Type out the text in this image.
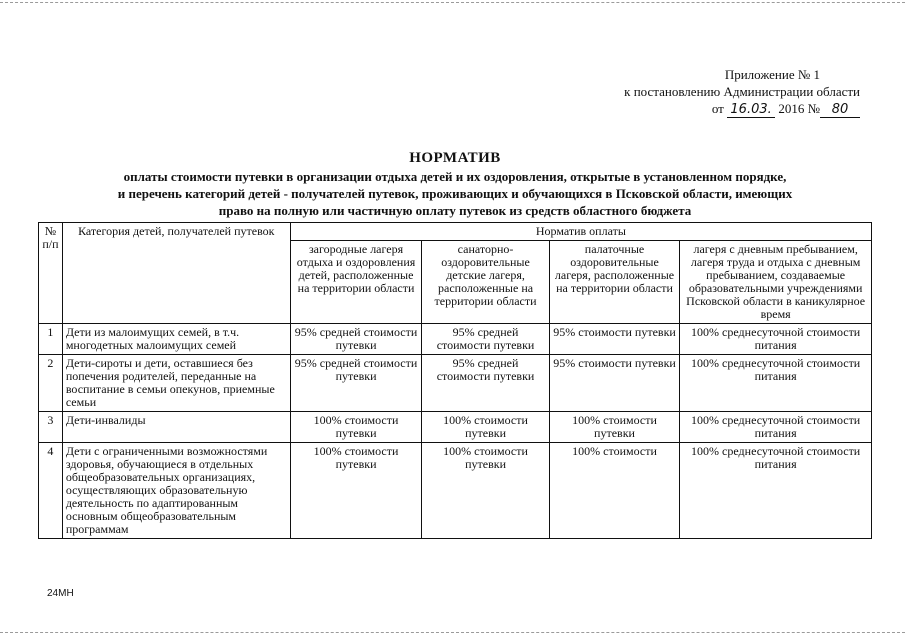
Приложение № 1
к постановлению Администрации области
от 16.03. 2016 № 80
НОРМАТИВ
оплаты стоимости путевки в организации отдыха детей и их оздоровления, открытые в установленном порядке,
и перечень категорий детей - получателей путевок, проживающих и обучающихся в Псковской области, имеющих
право на полную или частичную оплату путевок из средств областного бюджета
№ п/п	Категория детей, получателей путевок	Норматив оплаты			
		загородные лагеря отдыха и оздоровления детей, расположенные на территории области	санаторно-оздоровительные детские лагеря, расположенные на территории области	палаточные оздоровительные лагеря, расположенные на территории области	лагеря с дневным пребыванием, лагеря труда и отдыха с дневным пребыванием, создаваемые образовательными учреждениями Псковской области в каникулярное время
1	Дети из малоимущих семей, в т.ч. многодетных малоимущих семей	95% средней стоимости путевки	95% средней стоимости путевки	95% стоимости путевки	100% среднесуточной стоимости питания
2	Дети-сироты и дети, оставшиеся без попечения родителей, переданные на воспитание в семьи опекунов, приемные семьи	95% средней стоимости путевки	95% средней стоимости путевки	95% стоимости путевки	100% среднесуточной стоимости питания
3	Дети-инвалиды	100% стоимости путевки	100% стоимости путевки	100% стоимости путевки	100% среднесуточной стоимости питания
4	Дети с ограниченными возможностями здоровья, обучающиеся в отдельных общеобразовательных организациях, осуществляющих образовательную деятельность по адаптированным основным общеобразовательным программам	100% стоимости путевки	100% стоимости путевки	100% стоимости	100% среднесуточной стоимости питания
24МН
